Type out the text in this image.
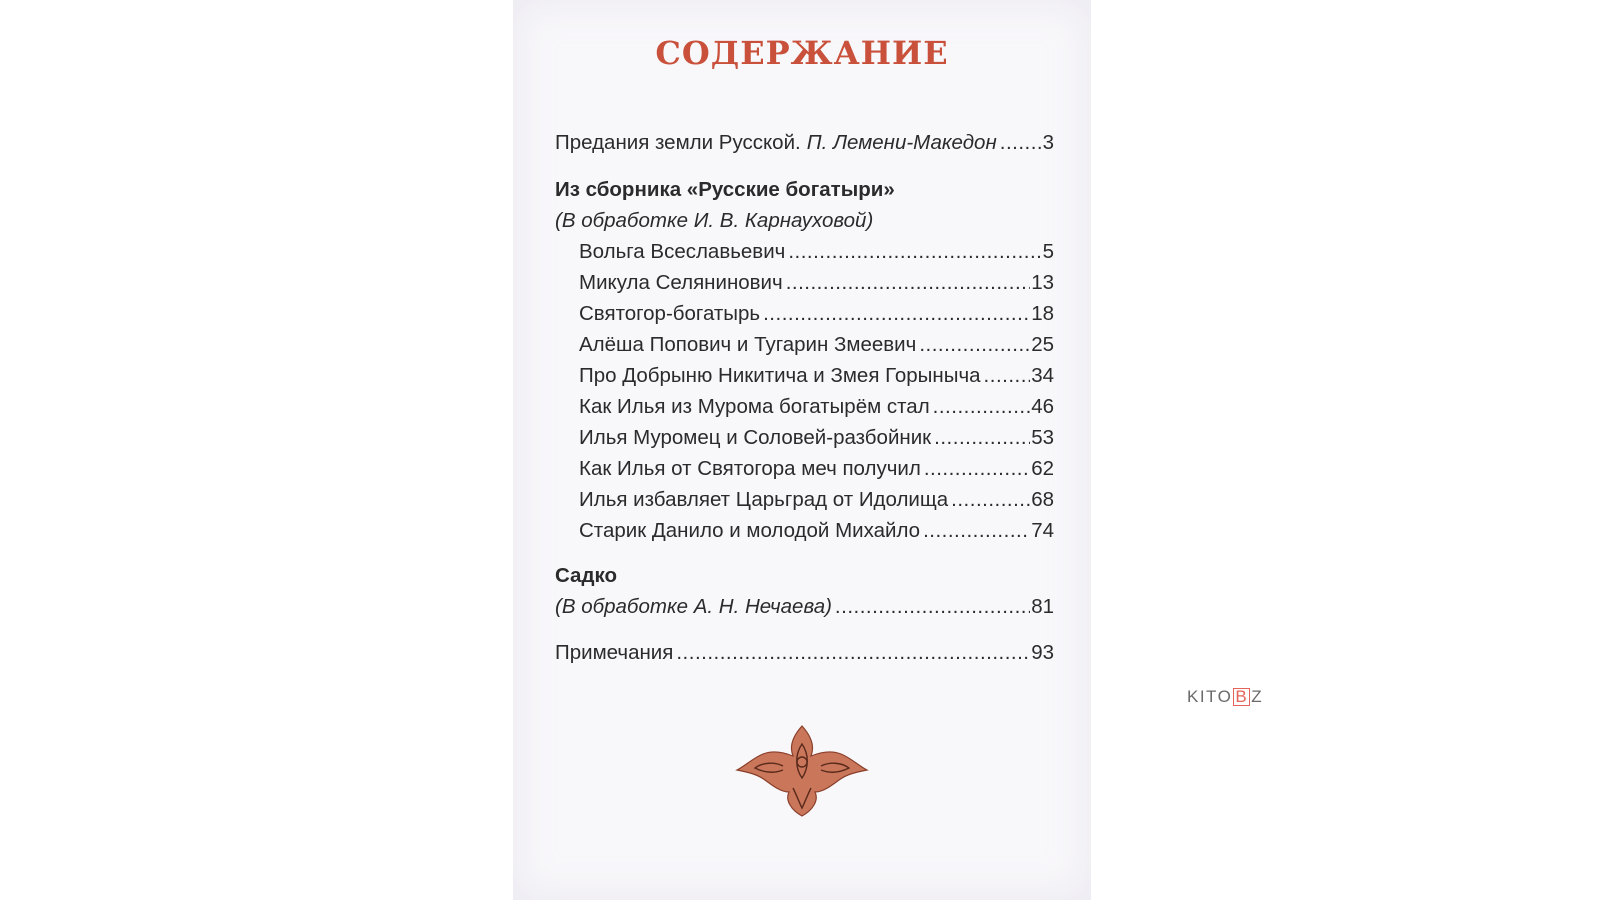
СОДЕРЖАНИЕ
Предания земли Русской. П. Лемени-Македон ..... 3
Из сборника «Русские богатыри»
(В обработке И. В. Карнауховой)
Вольга Всеславьевич .....	5
Микула Селянинович .....	13
Святогор-богатырь .....	18
Алёша Попович и Тугарин Змеевич .....	25
Про Добрыню Никитича и Змея Горыныча ..... 34
Как Илья из Мурома богатырём стал .....	46
Илья Муромец и Соловей-разбойник .....	53
Как Илья от Святогора меч получил .....	62
Илья избавляет Царьград от Идолища .....	68
Старик Данило и молодой Михайло .....	74
Садко
(В обработке А. Н. Нечаева) .....	81
Примечания .....	93
KITO B Z
